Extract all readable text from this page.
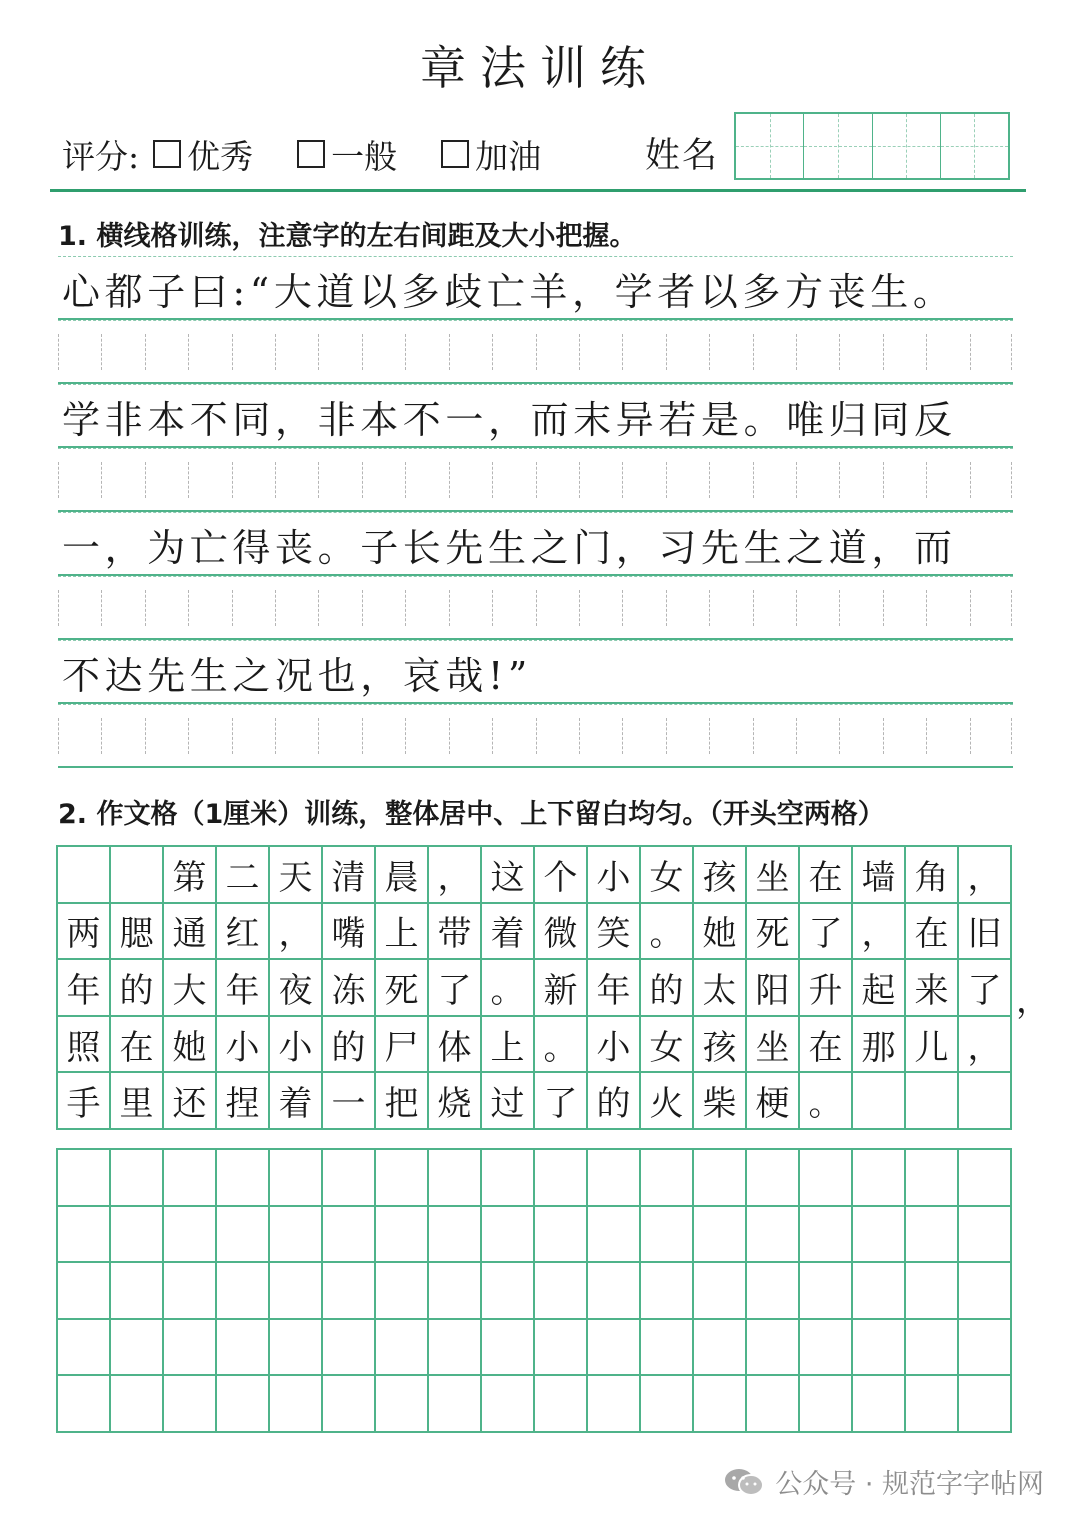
章法训练
评分: 优秀 一般 加油	姓名
1. 横线格训练，注意字的左右间距及大小把握。
心都子曰:“大道以多歧亡羊，学者以多方丧生。
学非本不同，非本不一，而末异若是。唯归同反
一，为亡得丧。子长先生之门，习先生之道，而
不达先生之况也，哀哉!”
2. 作文格（1厘米）训练，整体居中、上下留白均匀。（开头空两格）
第 二 天 清 晨 ， 这 个 小 女 孩 坐 在 墙 角 ，
两 腮 通 红 ， 嘴 上 带 着 微 笑 。 她 死 了 ， 在 旧
年 的 大 年 夜 冻 死 了 。 新 年 的 太 阳 升 起 来 了
照 在 她 小 小 的 尸 体 上 。 小 女 孩 坐 在 那 儿 ，
手 里 还 捏 着 一 把 烧 过 了 的 火 柴 梗 。
，
公众号 · 规范字字帖网
